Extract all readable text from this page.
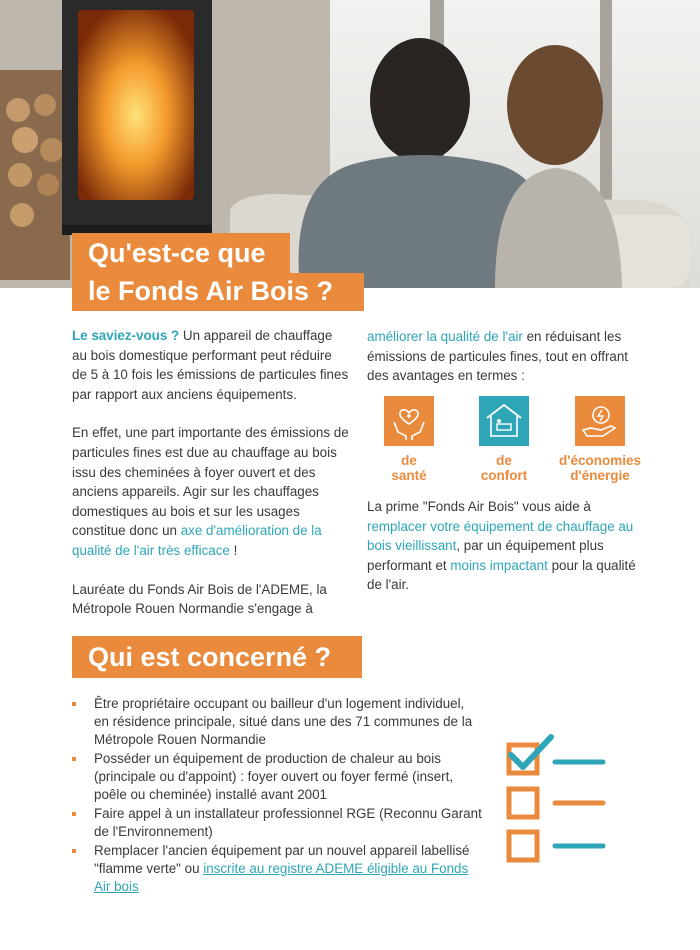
Qu'est-ce que
le Fonds Air Bois ?

Le saviez-vous ? Un appareil de chauffage au bois domestique performant peut réduire de 5 à 10 fois les émissions de particules fines par rapport aux anciens équipements.

En effet, une part importante des émissions de particules fines est due au chauffage au bois issu des cheminées à foyer ouvert et des anciens appareils. Agir sur les chauffages domestiques au bois et sur les usages constitue donc un axe d'amélioration de la qualité de l'air très efficace !

Lauréate du Fonds Air Bois de l'ADEME, la Métropole Rouen Normandie s'engage à

améliorer la qualité de l'air en réduisant les émissions de particules fines, tout en offrant des avantages en termes :

de
santé
de
confort
d'économies
d'énergie

La prime "Fonds Air Bois" vous aide à remplacer votre équipement de chauffage au bois vieillissant, par un équipement plus performant et moins impactant pour la qualité de l'air.

Qui est concerné ?
Être propriétaire occupant ou bailleur d'un logement individuel, en résidence principale, situé dans une des 71 communes de la Métropole Rouen Normandie
Posséder un équipement de production de chaleur au bois (principale ou d'appoint) : foyer ouvert ou foyer fermé (insert, poêle ou cheminée) installé avant 2001
Faire appel à un installateur professionnel RGE (Reconnu Garant de l'Environnement)
Remplacer l'ancien équipement par un nouvel appareil labellisé "flamme verte" ou inscrite au registre ADEME éligible au Fonds Air bois
